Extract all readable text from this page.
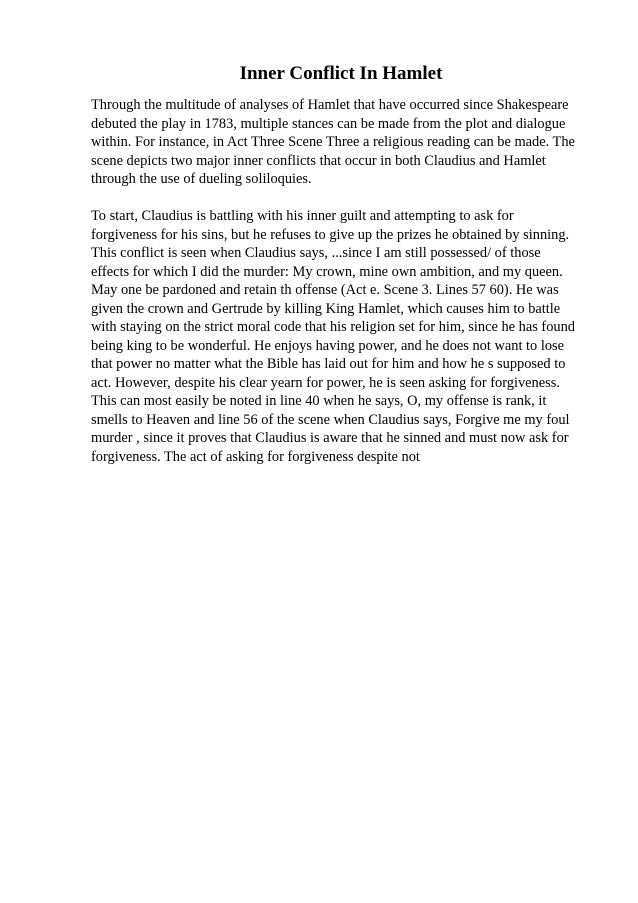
Inner Conflict In Hamlet

Through the multitude of analyses of Hamlet that have occurred since Shakespeare
debuted the play in 1783, multiple stances can be made from the plot and dialogue
within. For instance, in Act Three Scene Three a religious reading can be made. The
scene depicts two major inner conflicts that occur in both Claudius and Hamlet
through the use of dueling soliloquies.

To start, Claudius is battling with his inner guilt and attempting to ask for
forgiveness for his sins, but he refuses to give up the prizes he obtained by sinning.
This conflict is seen when Claudius says, ...since I am still possessed/ of those
effects for which I did the murder: My crown, mine own ambition, and my queen.
May one be pardoned and retain th offense (Act e. Scene 3. Lines 57 60). He was
given the crown and Gertrude by killing King Hamlet, which causes him to battle
with staying on the strict moral code that his religion set for him, since he has found
being king to be wonderful. He enjoys having power, and he does not want to lose
that power no matter what the Bible has laid out for him and how he s supposed to
act. However, despite his clear yearn for power, he is seen asking for forgiveness.
This can most easily be noted in line 40 when he says, O, my offense is rank, it
smells to Heaven and line 56 of the scene when Claudius says, Forgive me my foul
murder , since it proves that Claudius is aware that he sinned and must now ask for
forgiveness. The act of asking for forgiveness despite not
